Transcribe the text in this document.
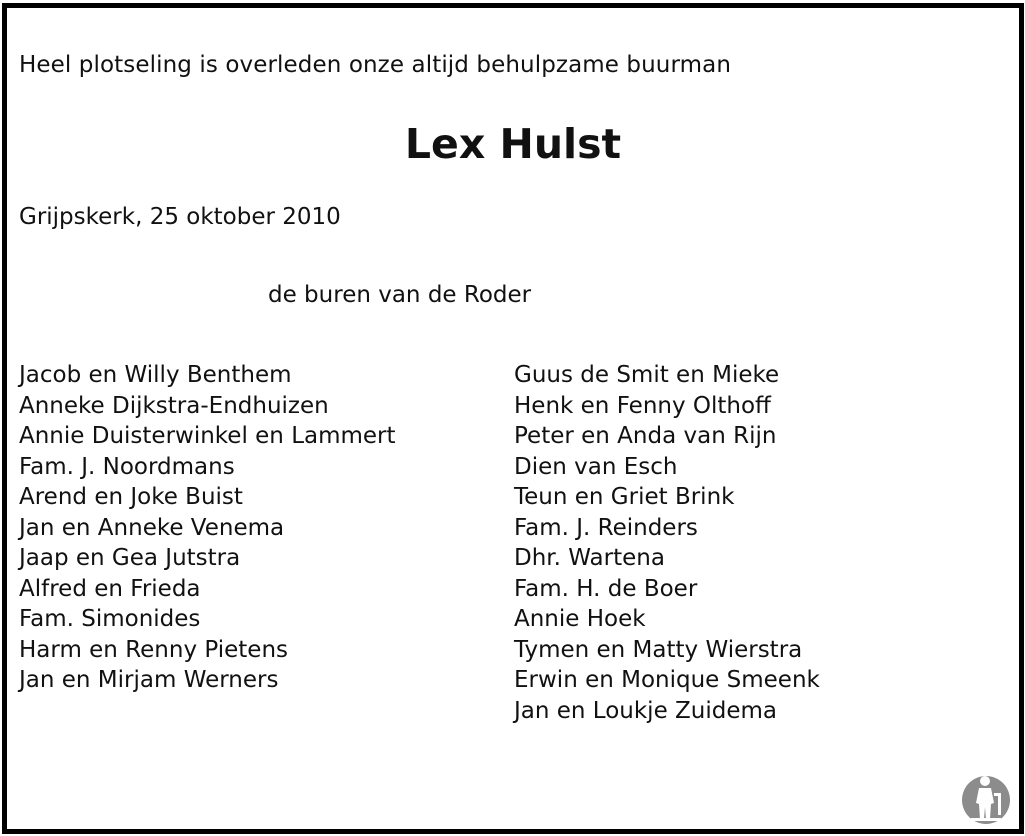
Heel plotseling is overleden onze altijd behulpzame buurman
Lex Hulst
Grijpskerk, 25 oktober 2010
de buren van de Roder
Jacob en Willy Benthem
Anneke Dijkstra-Endhuizen
Annie Duisterwinkel en Lammert
Fam. J. Noordmans
Arend en Joke Buist
Jan en Anneke Venema
Jaap en Gea Jutstra
Alfred en Frieda
Fam. Simonides
Harm en Renny Pietens
Jan en Mirjam Werners
Guus de Smit en Mieke
Henk en Fenny Olthoff
Peter en Anda van Rijn
Dien van Esch
Teun en Griet Brink
Fam. J. Reinders
Dhr. Wartena
Fam. H. de Boer
Annie Hoek
Tymen en Matty Wierstra
Erwin en Monique Smeenk
Jan en Loukje Zuidema
